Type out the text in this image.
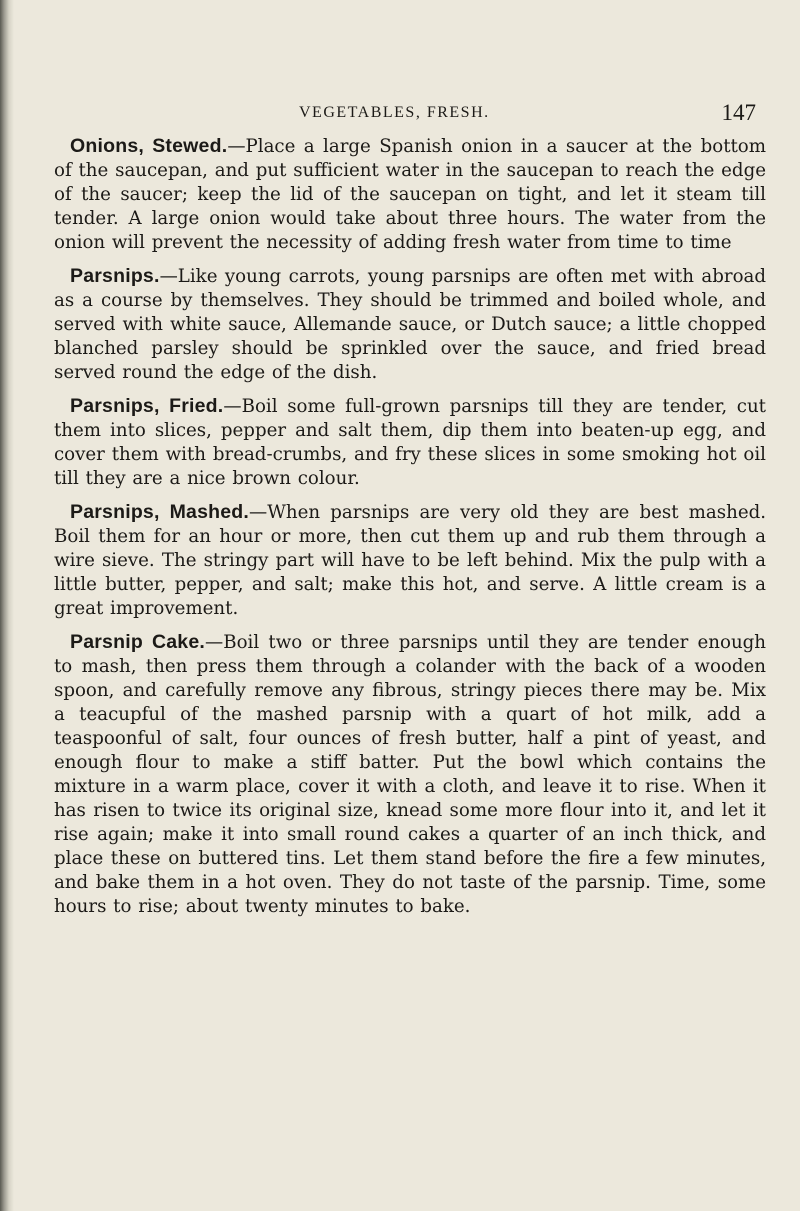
VEGETABLES, FRESH.	147

Onions, Stewed.—Place a large Spanish onion in a saucer at the bottom of the saucepan, and put sufficient water in the saucepan to reach the edge of the saucer; keep the lid of the saucepan on tight, and let it steam till tender. A large onion would take about three hours. The water from the onion will prevent the necessity of adding fresh water from time to time

Parsnips.—Like young carrots, young parsnips are often met with abroad as a course by themselves. They should be trimmed and boiled whole, and served with white sauce, Allemande sauce, or Dutch sauce; a little chopped blanched parsley should be sprinkled over the sauce, and fried bread served round the edge of the dish.

Parsnips, Fried.—Boil some full-grown parsnips till they are tender, cut them into slices, pepper and salt them, dip them into beaten-up egg, and cover them with bread-crumbs, and fry these slices in some smoking hot oil till they are a nice brown colour.

Parsnips, Mashed.—When parsnips are very old they are best mashed. Boil them for an hour or more, then cut them up and rub them through a wire sieve. The stringy part will have to be left behind. Mix the pulp with a little butter, pepper, and salt; make this hot, and serve. A little cream is a great improvement.

Parsnip Cake.—Boil two or three parsnips until they are tender enough to mash, then press them through a colander with the back of a wooden spoon, and carefully remove any fibrous, stringy pieces there may be. Mix a teacupful of the mashed parsnip with a quart of hot milk, add a teaspoonful of salt, four ounces of fresh butter, half a pint of yeast, and enough flour to make a stiff batter. Put the bowl which contains the mixture in a warm place, cover it with a cloth, and leave it to rise. When it has risen to twice its original size, knead some more flour into it, and let it rise again; make it into small round cakes a quarter of an inch thick, and place these on buttered tins. Let them stand before the fire a few minutes, and bake them in a hot oven. They do not taste of the parsnip. Time, some hours to rise; about twenty minutes to bake.
